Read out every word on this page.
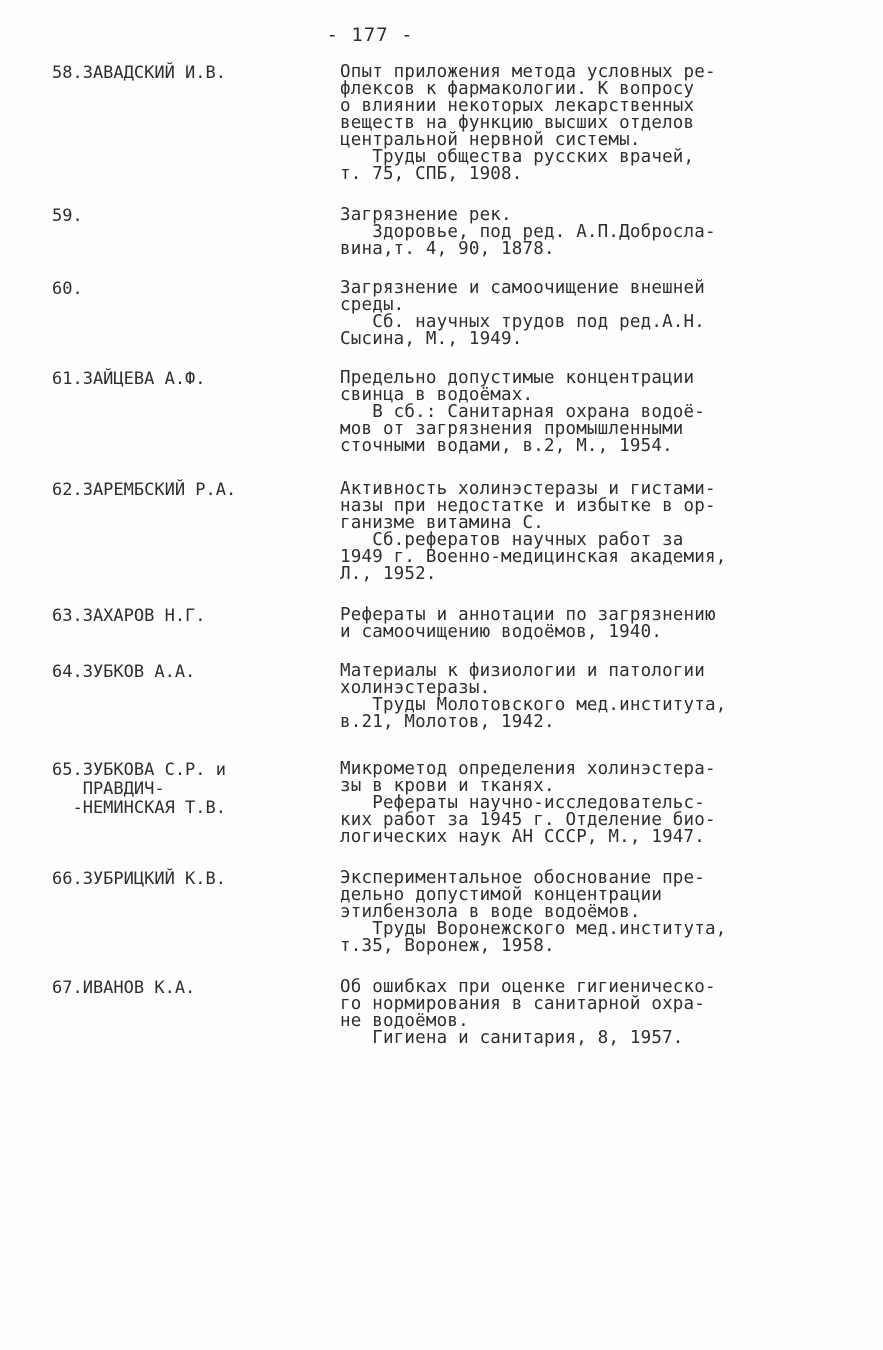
- 177 -
58.ЗАВАДСКИЙ И.В.	Опыт приложения метода условных ре-
флексов к фармакологии. К вопросу
о влиянии некоторых лекарственных
веществ на функцию высших отделов
центральной нервной системы.
Труды общества русских врачей,
т. 75, СПБ, 1908.
59.	Загрязнение рек.
Здоровье, под ред. А.П.Добросла-
вина,т. 4, 90, 1878.
60.	Загрязнение и самоочищение внешней
среды.
Сб. научных трудов под ред.А.Н.
Сысина, М., 1949.
61.ЗАЙЦЕВА А.Ф.	Предельно допустимые концентрации
свинца в водоёмах.
В сб.: Санитарная охрана водоё-
мов от загрязнения промышленными
сточными водами, в.2, М., 1954.
62.ЗАРЕМБСКИЙ Р.А.	Активность холинэстеразы и гистами-
назы при недостатке и избытке в ор-
ганизме витамина С.
Сб.рефератов научных работ за
1949 г. Военно-медицинская академия,
Л., 1952.
63.ЗАХАРОВ Н.Г.	Рефераты и аннотации по загрязнению
и самоочищению водоёмов, 1940.
64.ЗУБКОВ А.А.	Материалы к физиологии и патологии
холинэстеразы.
Труды Молотовского мед.института,
в.21, Молотов, 1942.
65.ЗУБКОВА С.Р. и
ПРАВДИЧ-
-НЕМИНСКАЯ Т.В.
Микрометод определения холинэстера-
зы в крови и тканях.
Рефераты научно-исследовательс-
ких работ за 1945 г. Отделение био-
логических наук АН СССР, М., 1947.
66.ЗУБРИЦКИЙ К.В.	Экспериментальное обоснование пре-
дельно допустимой концентрации
этилбензола в воде водоёмов.
Труды Воронежского мед.института,
т.35, Воронеж, 1958.
67.ИВАНОВ К.А.	Об ошибках при оценке гигиеническо-
го нормирования в санитарной охра-
не водоёмов.
Гигиена и санитария, 8, 1957.
